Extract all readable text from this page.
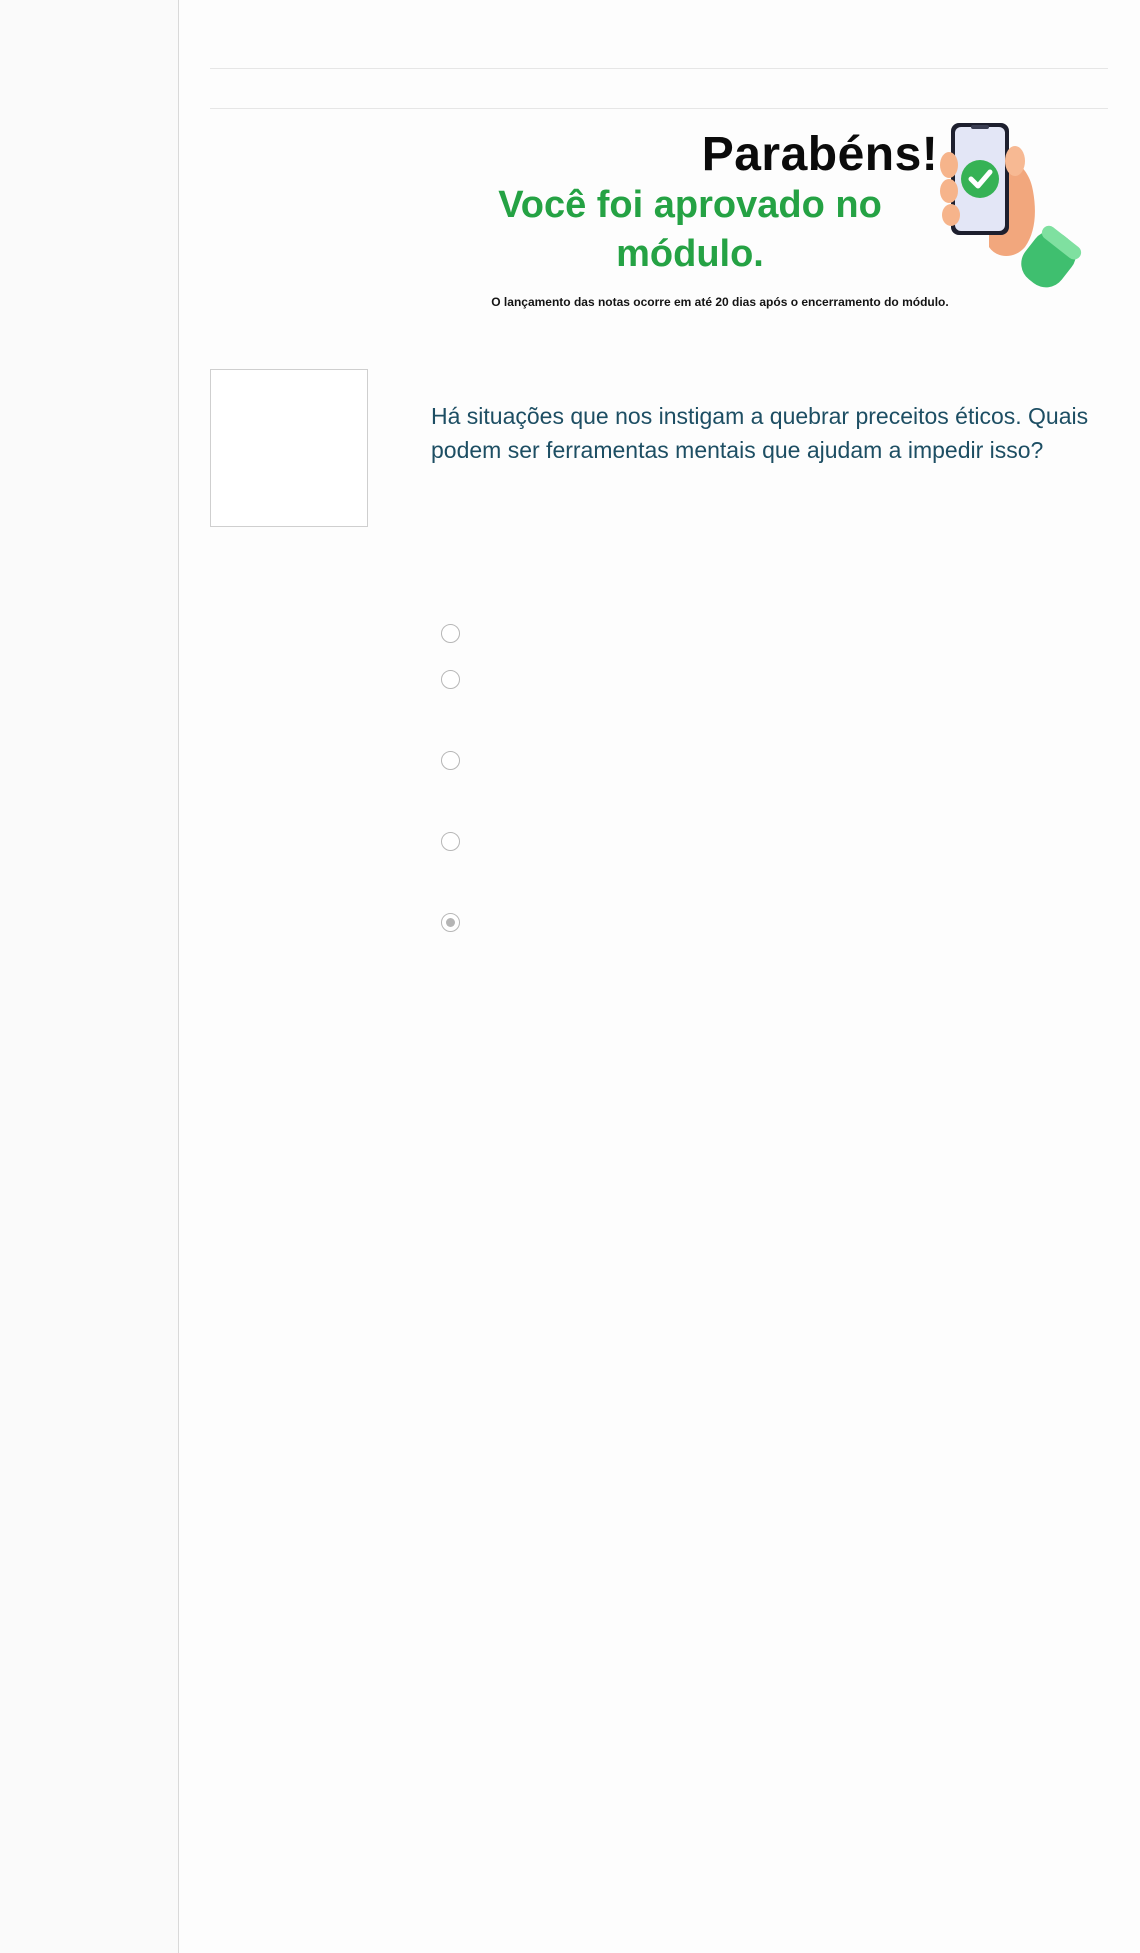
Parabéns!
Você foi aprovado no módulo.
O lançamento das notas ocorre em até 20 dias após o encerramento do módulo.
Há situações que nos instigam a quebrar preceitos éticos. Quais podem ser ferramentas mentais que ajudam a impedir isso?
